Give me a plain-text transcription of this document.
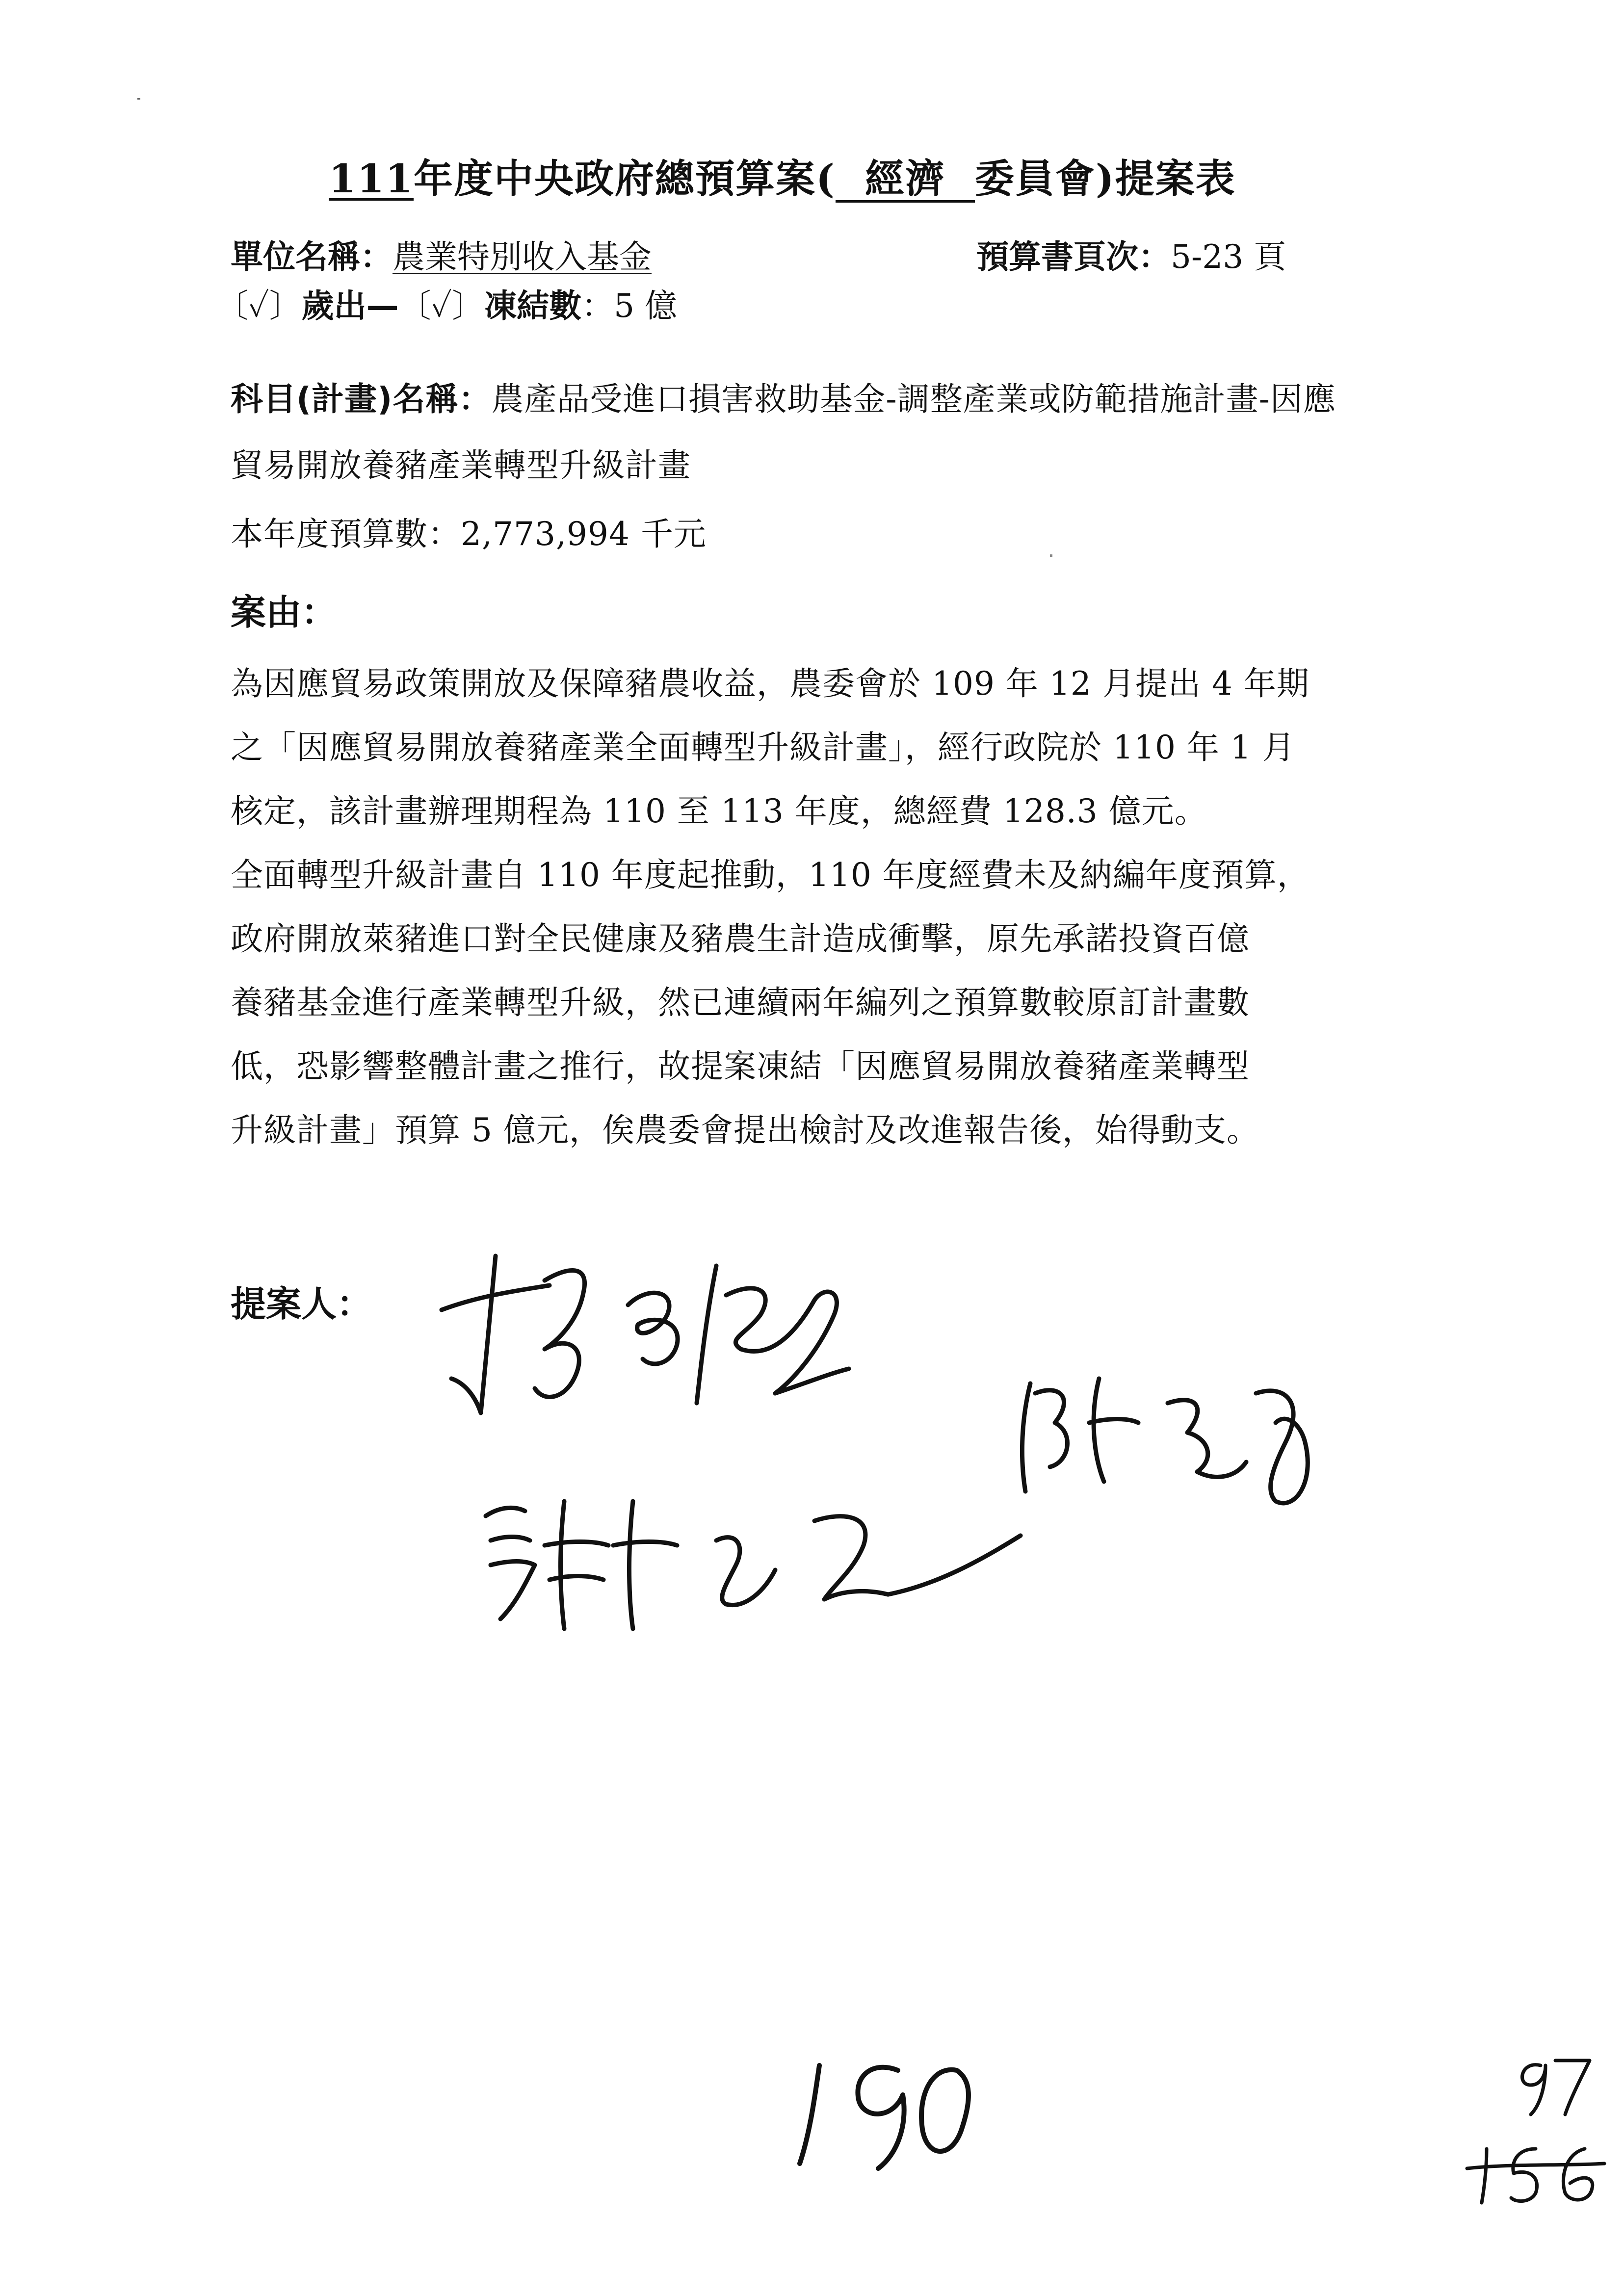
111年度中央政府總預算案( 經濟 委員會)提案表
單位名稱：農業特別收入基金	預算書頁次：5-23 頁
〔✓〕歲出—〔✓〕凍結數：5 億
科目(計畫)名稱：農產品受進口損害救助基金-調整產業或防範措施計畫-因應
貿易開放養豬產業轉型升級計畫
本年度預算數：2,773,994 千元
案由：
為因應貿易政策開放及保障豬農收益，農委會於 109 年 12 月提出 4 年期
之「因應貿易開放養豬產業全面轉型升級計畫」，經行政院於 110 年 1 月
核定，該計畫辦理期程為 110 至 113 年度，總經費 128.3 億元。
全面轉型升級計畫自 110 年度起推動，110 年度經費未及納編年度預算，
政府開放萊豬進口對全民健康及豬農生計造成衝擊，原先承諾投資百億
養豬基金進行產業轉型升級，然已連續兩年編列之預算數較原訂計畫數
低，恐影響整體計畫之推行，故提案凍結「因應貿易開放養豬產業轉型
升級計畫」預算 5 億元，俟農委會提出檢討及改進報告後，始得動支。
提案人：
